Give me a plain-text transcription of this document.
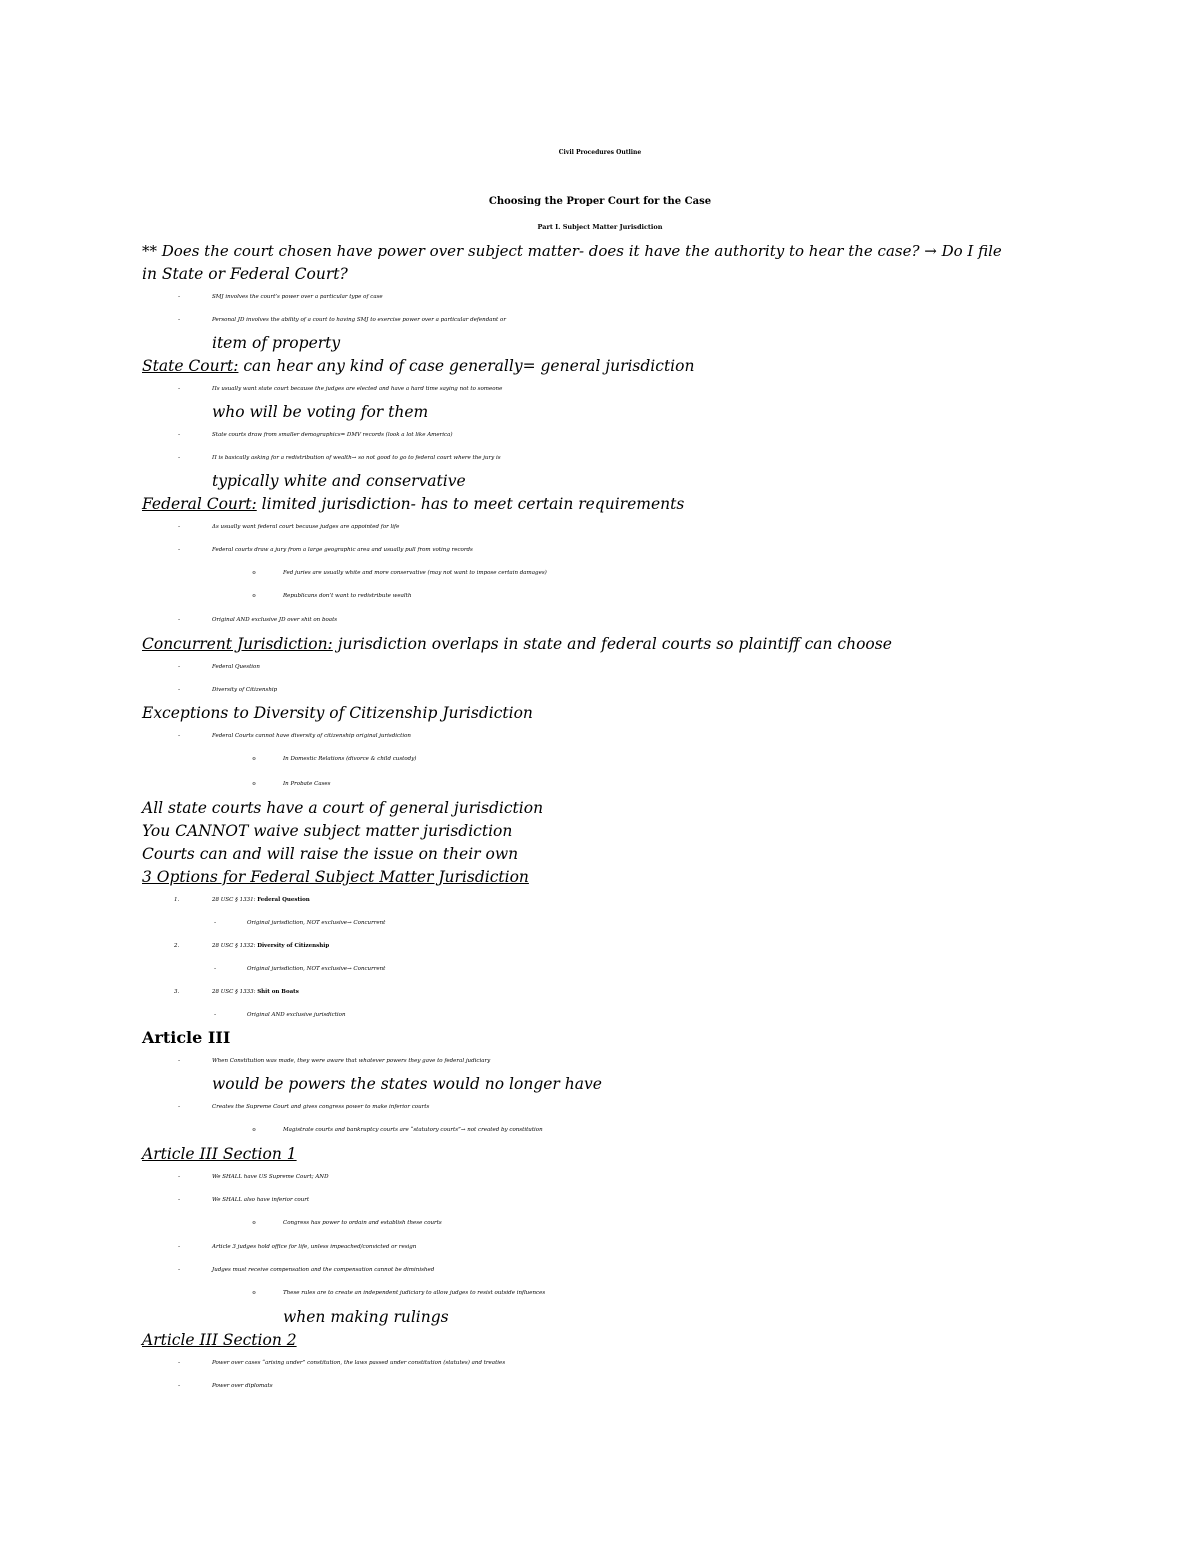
Civil Procedures Outline
Choosing the Proper Court for the Case
Part I. Subject Matter Jurisdiction
** Does the court chosen have power over subject matter- does it have the authority to hear the case? → Do I file
in State or Federal Court?
-	SMJ involves the court’s power over a particular type of case
-	Personal JD involves the ability of a court to having SMJ to exercise power over a particular defendant or
item of property
State Court: can hear any kind of case generally= general jurisdiction
-	Πs usually want state court because the judges are elected and have a hard time saying not to someone
who will be voting for them
-	State courts draw from smaller demographics= DMV records (look a lot like America)
-	Π is basically asking for a redistribution of wealth→ so not good to go to federal court where the jury is
typically white and conservative
Federal Court: limited jurisdiction- has to meet certain requirements
-	Δs usually want federal court because judges are appointed for life
-	Federal courts draw a jury from a large geographic area and usually pull from voting records
o	Fed juries are usually white and more conservative (may not want to impose certain damages)
o	Republicans don’t want to redistribute wealth
-	Original AND exclusive JD over shit on boats
Concurrent Jurisdiction: jurisdiction overlaps in state and federal courts so plaintiff can choose
-	Federal Question
-	Diversity of Citizenship
Exceptions to Diversity of Citizenship Jurisdiction
-	Federal Courts cannot have diversity of citizenship original jurisdiction
o	In Domestic Relations (divorce & child custody)
o	In Probate Cases
All state courts have a court of general jurisdiction
You CANNOT waive subject matter jurisdiction
Courts can and will raise the issue on their own
3 Options for Federal Subject Matter Jurisdiction
1.	28 USC § 1331: Federal Question
-	Original jurisdiction, NOT exclusive→ Concurrent
2.	28 USC § 1332: Diversity of Citizenship
-	Original jurisdiction, NOT exclusive→ Concurrent
3.	28 USC § 1333: Shit on Boats
-	Original AND exclusive jurisdiction
Article III
-	When Constitution was made, they were aware that whatever powers they gave to federal judiciary
would be powers the states would no longer have
-	Creates the Supreme Court and gives congress power to make inferior courts
o	Magistrate courts and bankruptcy courts are “statutory courts”→ not created by constitution
Article III Section 1
-	We SHALL have US Supreme Court; AND
-	We SHALL also have inferior court
o	Congress has power to ordain and establish these courts
-	Article 3 judges hold office for life, unless impeached/convicted or resign
-	Judges must receive compensation and the compensation cannot be diminished
o	These rules are to create an independent judiciary to allow judges to resist outside influences
when making rulings
Article III Section 2
-	Power over cases “arising under” constitution, the laws passed under constitution (statutes) and treaties
-	Power over diplomats
